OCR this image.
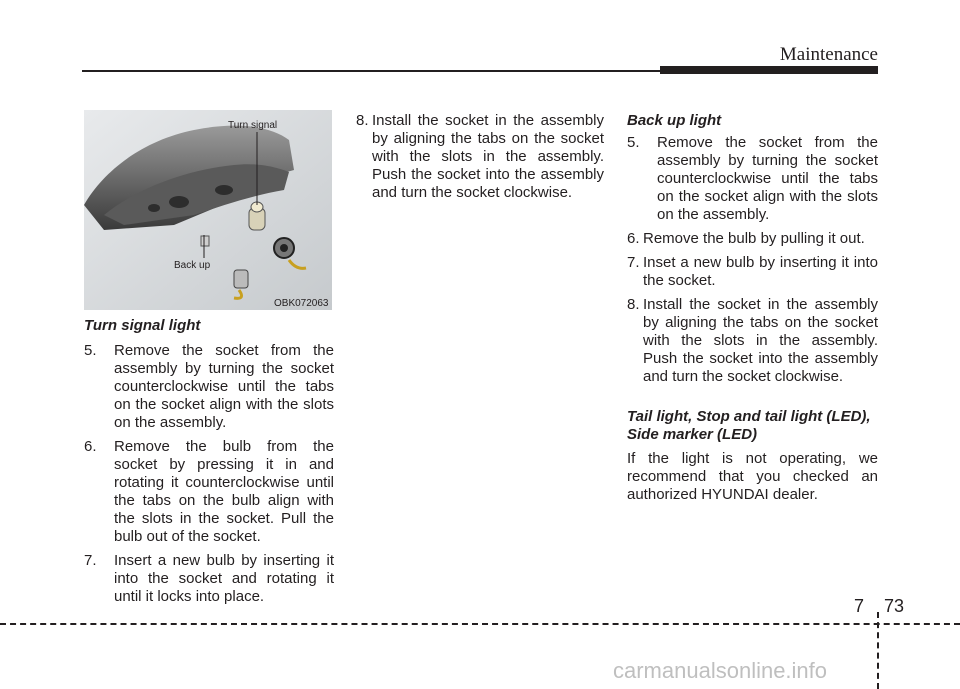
Maintenance
Turn signal
Back up
OBK072063

Turn signal light

5. Remove the socket from the assembly by turning the socket counterclockwise until the tabs on the socket align with the slots on the assembly.
6. Remove the bulb from the socket by pressing it in and rotating it counterclockwise until the tabs on the bulb align with the slots in the socket. Pull the bulb out of the socket.
7. Insert a new bulb by inserting it into the socket and rotating it until it locks into place.
8. Install the socket in the assembly by aligning the tabs on the socket with the slots in the assembly. Push the socket into the assembly and turn the socket clockwise.

Back up light

5. Remove the socket from the assembly by turning the socket counterclockwise until the tabs on the socket align with the slots on the assembly.
6. Remove the bulb by pulling it out.
7. Inset a new bulb by inserting it into the socket.
8. Install the socket in the assembly by aligning the tabs on the socket with the slots in the assembly. Push the socket into the assembly and turn the socket clockwise.

Tail light, Stop and tail light (LED),

Side marker (LED)

If the light is not operating, we recommend that you checked an authorized HYUNDAI dealer.

7 73
carmanualsonline.info
